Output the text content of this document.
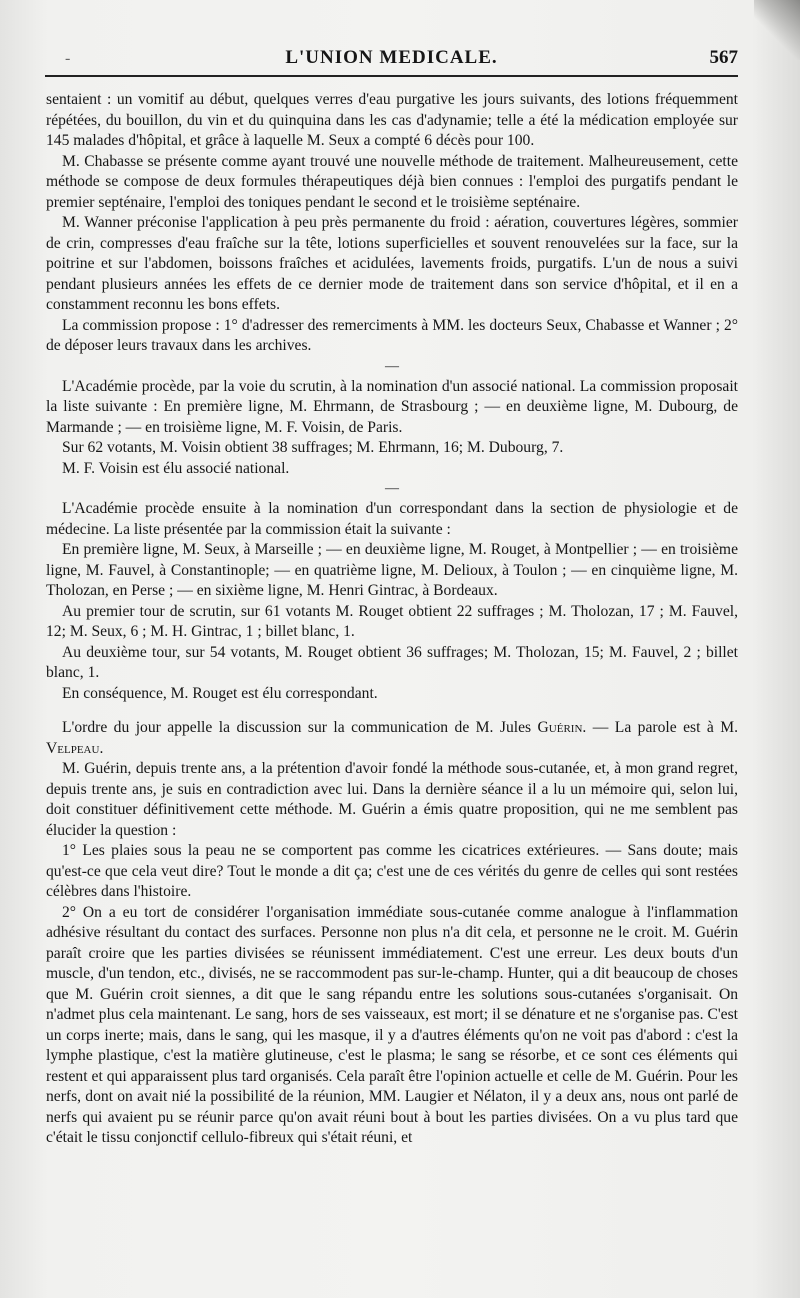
-	L'UNION MEDICALE.	567

sentaient : un vomitif au début, quelques verres d'eau purgative les jours suivants, des lotions fréquemment répétées, du bouillon, du vin et du quinquina dans les cas d'adynamie; telle a été la médication employée sur 145 malades d'hôpital, et grâce à laquelle M. Seux a compté 6 décès pour 100.

M. Chabasse se présente comme ayant trouvé une nouvelle méthode de traitement. Malheureusement, cette méthode se compose de deux formules thérapeutiques déjà bien connues : l'emploi des purgatifs pendant le premier septénaire, l'emploi des toniques pendant le second et le troisième septénaire.

M. Wanner préconise l'application à peu près permanente du froid : aération, couvertures légères, sommier de crin, compresses d'eau fraîche sur la tête, lotions superficielles et souvent renouvelées sur la face, sur la poitrine et sur l'abdomen, boissons fraîches et acidulées, lavements froids, purgatifs. L'un de nous a suivi pendant plusieurs années les effets de ce dernier mode de traitement dans son service d'hôpital, et il en a constamment reconnu les bons effets.

La commission propose : 1° d'adresser des remerciments à MM. les docteurs Seux, Chabasse et Wanner ; 2° de déposer leurs travaux dans les archives.

—

L'Académie procède, par la voie du scrutin, à la nomination d'un associé national. La commission proposait la liste suivante : En première ligne, M. Ehrmann, de Strasbourg ; — en deuxième ligne, M. Dubourg, de Marmande ; — en troisième ligne, M. F. Voisin, de Paris.

Sur 62 votants, M. Voisin obtient 38 suffrages; M. Ehrmann, 16; M. Dubourg, 7.

M. F. Voisin est élu associé national.

—

L'Académie procède ensuite à la nomination d'un correspondant dans la section de physiologie et de médecine. La liste présentée par la commission était la suivante :

En première ligne, M. Seux, à Marseille ; — en deuxième ligne, M. Rouget, à Montpellier ; — en troisième ligne, M. Fauvel, à Constantinople; — en quatrième ligne, M. Delioux, à Toulon ; — en cinquième ligne, M. Tholozan, en Perse ; — en sixième ligne, M. Henri Gintrac, à Bordeaux.

Au premier tour de scrutin, sur 61 votants M. Rouget obtient 22 suffrages ; M. Tholozan, 17 ; M. Fauvel, 12; M. Seux, 6 ; M. H. Gintrac, 1 ; billet blanc, 1.

Au deuxième tour, sur 54 votants, M. Rouget obtient 36 suffrages; M. Tholozan, 15; M. Fauvel, 2 ; billet blanc, 1.

En conséquence, M. Rouget est élu correspondant.

L'ordre du jour appelle la discussion sur la communication de M. Jules Guérin. — La parole est à M. Velpeau.

M. Guérin, depuis trente ans, a la prétention d'avoir fondé la méthode sous-cutanée, et, à mon grand regret, depuis trente ans, je suis en contradiction avec lui. Dans la dernière séance il a lu un mémoire qui, selon lui, doit constituer définitivement cette méthode. M. Guérin a émis quatre proposition, qui ne me semblent pas élucider la question :

1° Les plaies sous la peau ne se comportent pas comme les cicatrices extérieures. — Sans doute; mais qu'est-ce que cela veut dire? Tout le monde a dit ça; c'est une de ces vérités du genre de celles qui sont restées célèbres dans l'histoire.

2° On a eu tort de considérer l'organisation immédiate sous-cutanée comme analogue à l'inflammation adhésive résultant du contact des surfaces. Personne non plus n'a dit cela, et personne ne le croit. M. Guérin paraît croire que les parties divisées se réunissent immédiatement. C'est une erreur. Les deux bouts d'un muscle, d'un tendon, etc., divisés, ne se raccommodent pas sur-le-champ. Hunter, qui a dit beaucoup de choses que M. Guérin croit siennes, a dit que le sang répandu entre les solutions sous-cutanées s'organisait. On n'admet plus cela maintenant. Le sang, hors de ses vaisseaux, est mort; il se dénature et ne s'organise pas. C'est un corps inerte; mais, dans le sang, qui les masque, il y a d'autres éléments qu'on ne voit pas d'abord : c'est la lymphe plastique, c'est la matière glutineuse, c'est le plasma; le sang se résorbe, et ce sont ces éléments qui restent et qui apparaissent plus tard organisés. Cela paraît être l'opinion actuelle et celle de M. Guérin. Pour les nerfs, dont on avait nié la possibilité de la réunion, MM. Laugier et Nélaton, il y a deux ans, nous ont parlé de nerfs qui avaient pu se réunir parce qu'on avait réuni bout à bout les parties divisées. On a vu plus tard que c'était le tissu conjonctif cellulo-fibreux qui s'était réuni, et
